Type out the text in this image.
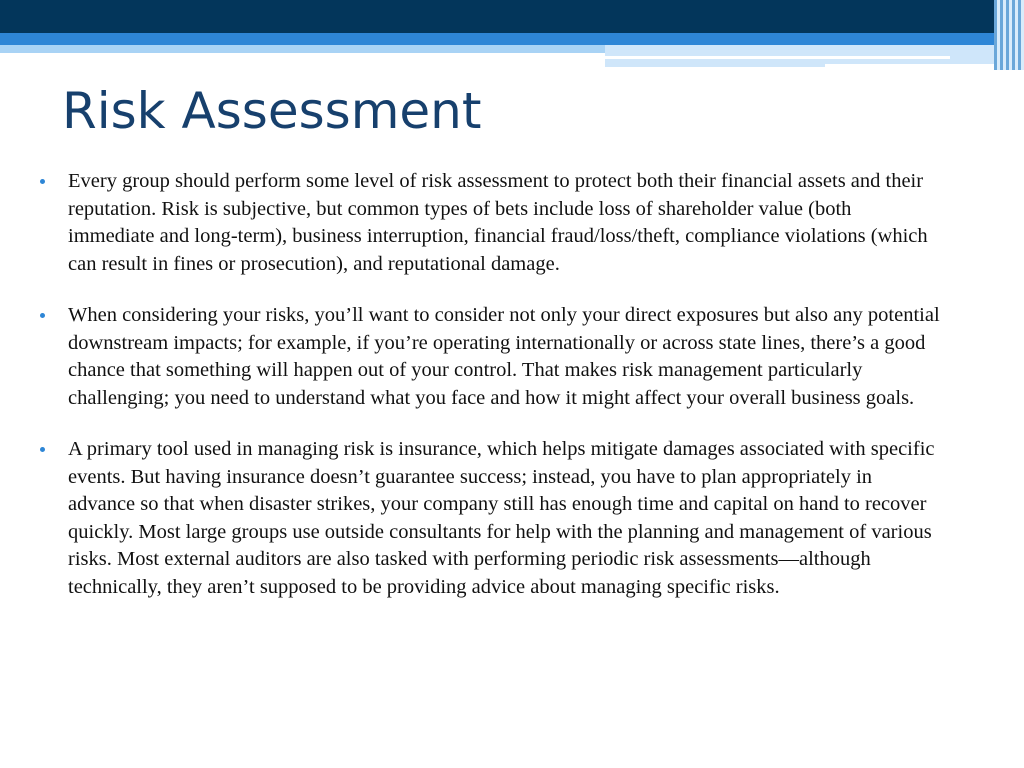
Risk Assessment
Every group should perform some level of risk assessment to protect both their financial assets and their reputation. Risk is subjective, but common types of bets include loss of shareholder value (both immediate and long-term), business interruption, financial fraud/loss/theft, compliance violations (which can result in fines or prosecution), and reputational damage.
When considering your risks, you’ll want to consider not only your direct exposures but also any potential downstream impacts; for example, if you’re operating internationally or across state lines, there’s a good chance that something will happen out of your control. That makes risk management particularly challenging; you need to understand what you face and how it might affect your overall business goals.
A primary tool used in managing risk is insurance, which helps mitigate damages associated with specific events. But having insurance doesn’t guarantee success; instead, you have to plan appropriately in advance so that when disaster strikes, your company still has enough time and capital on hand to recover quickly. Most large groups use outside consultants for help with the planning and management of various risks. Most external auditors are also tasked with performing periodic risk assessments—although technically, they aren’t supposed to be providing advice about managing specific risks.
